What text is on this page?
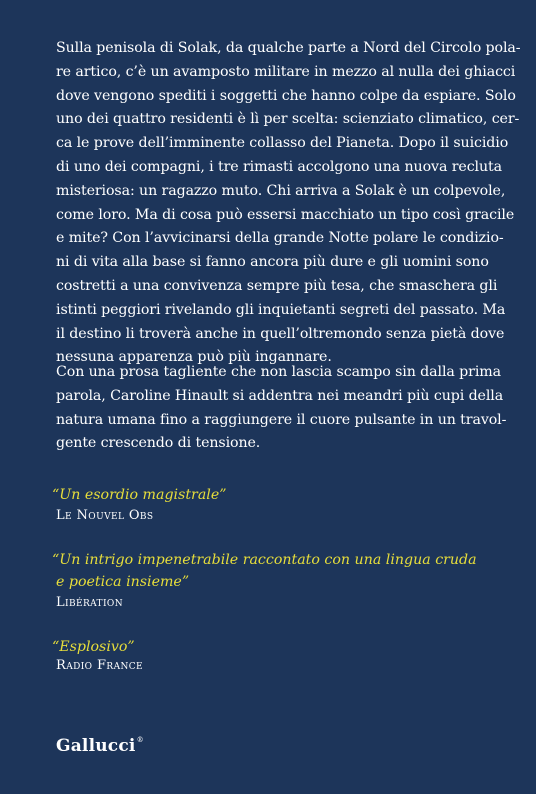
Sulla penisola di Solak, da qualche parte a Nord del Circolo pola-
re artico, c’è un avamposto militare in mezzo al nulla dei ghiacci
dove vengono spediti i soggetti che hanno colpe da espiare. Solo
uno dei quattro residenti è lì per scelta: scienziato climatico, cer-
ca le prove dell’imminente collasso del Pianeta. Dopo il suicidio
di uno dei compagni, i tre rimasti accolgono una nuova recluta
misteriosa: un ragazzo muto. Chi arriva a Solak è un colpevole,
come loro. Ma di cosa può essersi macchiato un tipo così gracile
e mite? Con l’avvicinarsi della grande Notte polare le condizio-
ni di vita alla base si fanno ancora più dure e gli uomini sono
costretti a una convivenza sempre più tesa, che smaschera gli
istinti peggiori rivelando gli inquietanti segreti del passato. Ma
il destino li troverà anche in quell’oltremondo senza pietà dove
nessuna apparenza può più ingannare.
Con una prosa tagliente che non lascia scampo sin dalla prima
parola, Caroline Hinault si addentra nei meandri più cupi della
natura umana fino a raggiungere il cuore pulsante in un travol-
gente crescendo di tensione.

“Un esordio magistrale”

Le Nouvel Obs

“Un intrigo impenetrabile raccontato con una lingua cruda

e poetica insieme”

Libération

“Esplosivo”

Radio France

Gallucci®
